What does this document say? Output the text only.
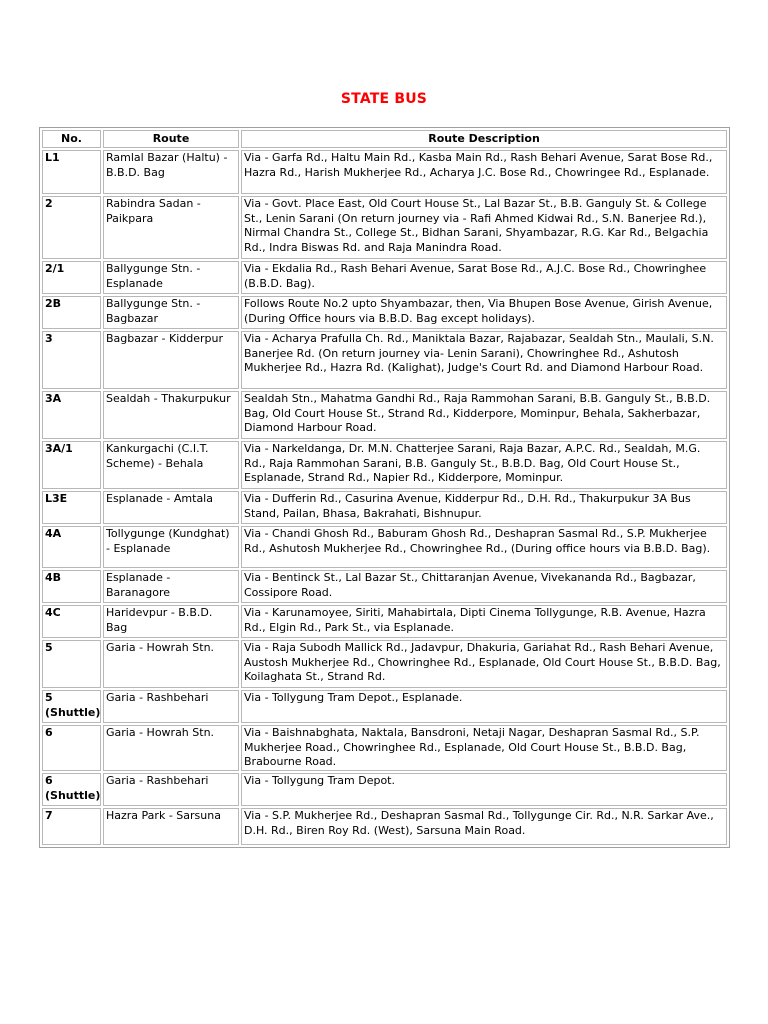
STATE BUS
No.	Route	Route Description
L1	Ramlal Bazar (Haltu) - B.B.D. Bag	Via - Garfa Rd., Haltu Main Rd., Kasba Main Rd., Rash Behari Avenue, Sarat Bose Rd., Hazra Rd., Harish Mukherjee Rd., Acharya J.C. Bose Rd., Chowringee Rd., Esplanade.
2	Rabindra Sadan - Paikpara	Via - Govt. Place East, Old Court House St., Lal Bazar St., B.B. Ganguly St. & College St., Lenin Sarani (On return journey via - Rafi Ahmed Kidwai Rd., S.N. Banerjee Rd.), Nirmal Chandra St., College St., Bidhan Sarani, Shyambazar, R.G. Kar Rd., Belgachia Rd., Indra Biswas Rd. and Raja Manindra Road.
2/1	Ballygunge Stn. - Esplanade	Via - Ekdalia Rd., Rash Behari Avenue, Sarat Bose Rd., A.J.C. Bose Rd., Chowringhee (B.B.D. Bag).
2B	Ballygunge Stn. - Bagbazar	Follows Route No.2 upto Shyambazar, then, Via Bhupen Bose Avenue, Girish Avenue, (During Office hours via B.B.D. Bag except holidays).
3	Bagbazar - Kidderpur	Via - Acharya Prafulla Ch. Rd., Maniktala Bazar, Rajabazar, Sealdah Stn., Maulali, S.N. Banerjee Rd. (On return journey via- Lenin Sarani), Chowringhee Rd., Ashutosh Mukherjee Rd., Hazra Rd. (Kalighat), Judge's Court Rd. and Diamond Harbour Road.
3A	Sealdah - Thakurpukur	Sealdah Stn., Mahatma Gandhi Rd., Raja Rammohan Sarani, B.B. Ganguly St., B.B.D. Bag, Old Court House St., Strand Rd., Kidderpore, Mominpur, Behala, Sakherbazar, Diamond Harbour Road.
3A/1	Kankurgachi (C.I.T. Scheme) - Behala	Via - Narkeldanga, Dr. M.N. Chatterjee Sarani, Raja Bazar, A.P.C. Rd., Sealdah, M.G. Rd., Raja Rammohan Sarani, B.B. Ganguly St., B.B.D. Bag, Old Court House St., Esplanade, Strand Rd., Napier Rd., Kidderpore, Mominpur.
L3E	Esplanade - Amtala	Via - Dufferin Rd., Casurina Avenue, Kidderpur Rd., D.H. Rd., Thakurpukur 3A Bus Stand, Pailan, Bhasa, Bakrahati, Bishnupur.
4A	Tollygunge (Kundghat) - Esplanade	Via - Chandi Ghosh Rd., Baburam Ghosh Rd., Deshapran Sasmal Rd., S.P. Mukherjee Rd., Ashutosh Mukherjee Rd., Chowringhee Rd., (During office hours via B.B.D. Bag).
4B	Esplanade - Baranagore	Via - Bentinck St., Lal Bazar St., Chittaranjan Avenue, Vivekananda Rd., Bagbazar, Cossipore Road.
4C	Haridevpur - B.B.D. Bag	Via - Karunamoyee, Siriti, Mahabirtala, Dipti Cinema Tollygunge, R.B. Avenue, Hazra Rd., Elgin Rd., Park St., via Esplanade.
5	Garia - Howrah Stn.	Via - Raja Subodh Mallick Rd., Jadavpur, Dhakuria, Gariahat Rd., Rash Behari Avenue, Austosh Mukherjee Rd., Chowringhee Rd., Esplanade, Old Court House St., B.B.D. Bag, Koilaghata St., Strand Rd.
5 (Shuttle)	Garia - Rashbehari	Via - Tollygung Tram Depot., Esplanade.
6	Garia - Howrah Stn.	Via - Baishnabghata, Naktala, Bansdroni, Netaji Nagar, Deshapran Sasmal Rd., S.P. Mukherjee Road., Chowringhee Rd., Esplanade, Old Court House St., B.B.D. Bag, Brabourne Road.
6 (Shuttle)	Garia - Rashbehari	Via - Tollygung Tram Depot.
7	Hazra Park - Sarsuna	Via - S.P. Mukherjee Rd., Deshapran Sasmal Rd., Tollygunge Cir. Rd., N.R. Sarkar Ave., D.H. Rd., Biren Roy Rd. (West), Sarsuna Main Road.
